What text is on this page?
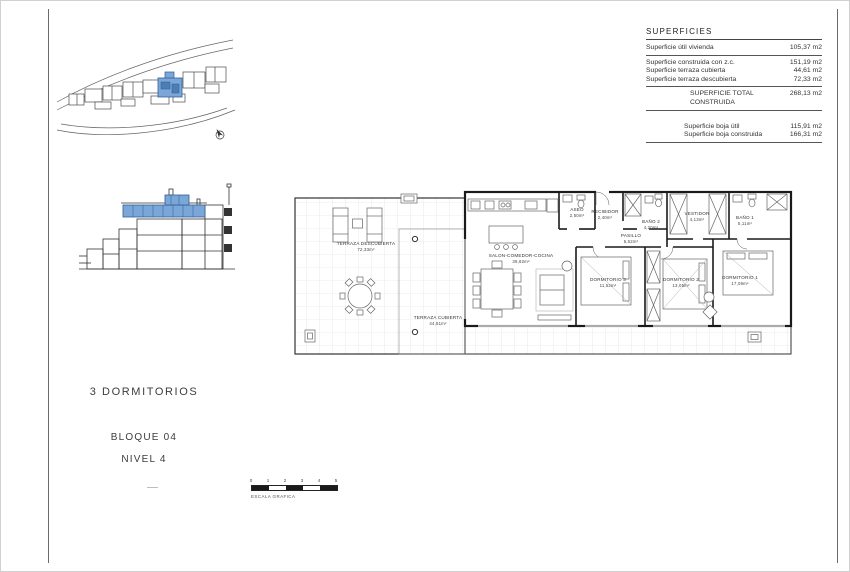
TERRAZA DESCUBIERTA
72,33m²
TERRAZA CUBIERTA
44,61m²
SALON-COMEDOR-COCINA
39,82m²
ASEO
2,50m²
RECIBIDOR
2,40m²
BAÑO 2
4,20m²
PASILLO
5,52m²
VESTIDOR
4,13m²	BAÑO 1
5,11m²
DORMITORIO 3
11,52m²
DORMITORIO 2
13,05m²
DORMITORIO 1
17,06m²
SUPERFICIES
Superficie útil vivienda	105,37 m2
Superficie construida con z.c.	151,19 m2
Superficie terraza cubierta	44,61 m2
Superficie terraza descubierta	72,33 m2
SUPERFICIE TOTAL CONSTRUIDA
268,13 m2
Superficie boja útil	115,91 m2
Superficie boja construida	166,31 m2
3 DORMITORIOS
BLOQUE 04
NIVEL 4
0	1	2	3	4	5
ESCALA GRAFICA
